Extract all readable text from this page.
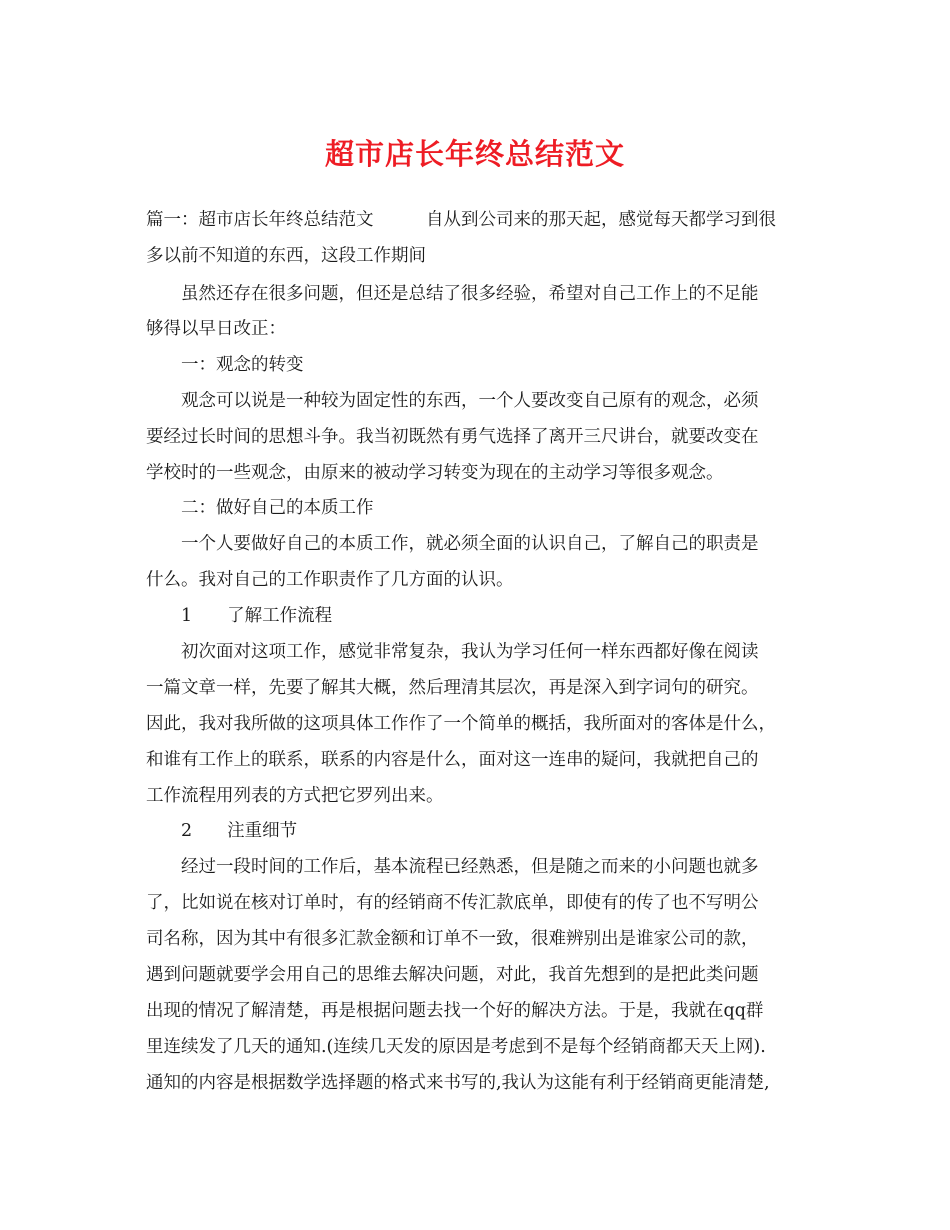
超市店长年终总结范文
篇一：超市店长年终总结范文　　　自从到公司来的那天起，感觉每天都学习到很
多以前不知道的东西，这段工作期间
　　虽然还存在很多问题，但还是总结了很多经验，希望对自己工作上的不足能
够得以早日改正：
　　一：观念的转变
　　观念可以说是一种较为固定性的东西，一个人要改变自己原有的观念，必须
要经过长时间的思想斗争。我当初既然有勇气选择了离开三尺讲台，就要改变在
学校时的一些观念，由原来的被动学习转变为现在的主动学习等很多观念。
　　二：做好自己的本质工作
　　一个人要做好自己的本质工作，就必须全面的认识自己，了解自己的职责是
什么。我对自己的工作职责作了几方面的认识。
　　1　　了解工作流程
　　初次面对这项工作，感觉非常复杂，我认为学习任何一样东西都好像在阅读
一篇文章一样，先要了解其大概，然后理清其层次，再是深入到字词句的研究。
因此，我对我所做的这项具体工作作了一个简单的概括，我所面对的客体是什么，
和谁有工作上的联系，联系的内容是什么，面对这一连串的疑问，我就把自己的
工作流程用列表的方式把它罗列出来。
　　2　　注重细节
　　经过一段时间的工作后，基本流程已经熟悉，但是随之而来的小问题也就多
了，比如说在核对订单时，有的经销商不传汇款底单，即使有的传了也不写明公
司名称，因为其中有很多汇款金额和订单不一致，很难辨别出是谁家公司的款，
遇到问题就要学会用自己的思维去解决问题，对此，我首先想到的是把此类问题
出现的情况了解清楚，再是根据问题去找一个好的解决方法。于是，我就在qq群
里连续发了几天的通知.(连续几天发的原因是考虑到不是每个经销商都天天上网).
通知的内容是根据数学选择题的格式来书写的,我认为这能有利于经销商更能清楚,
